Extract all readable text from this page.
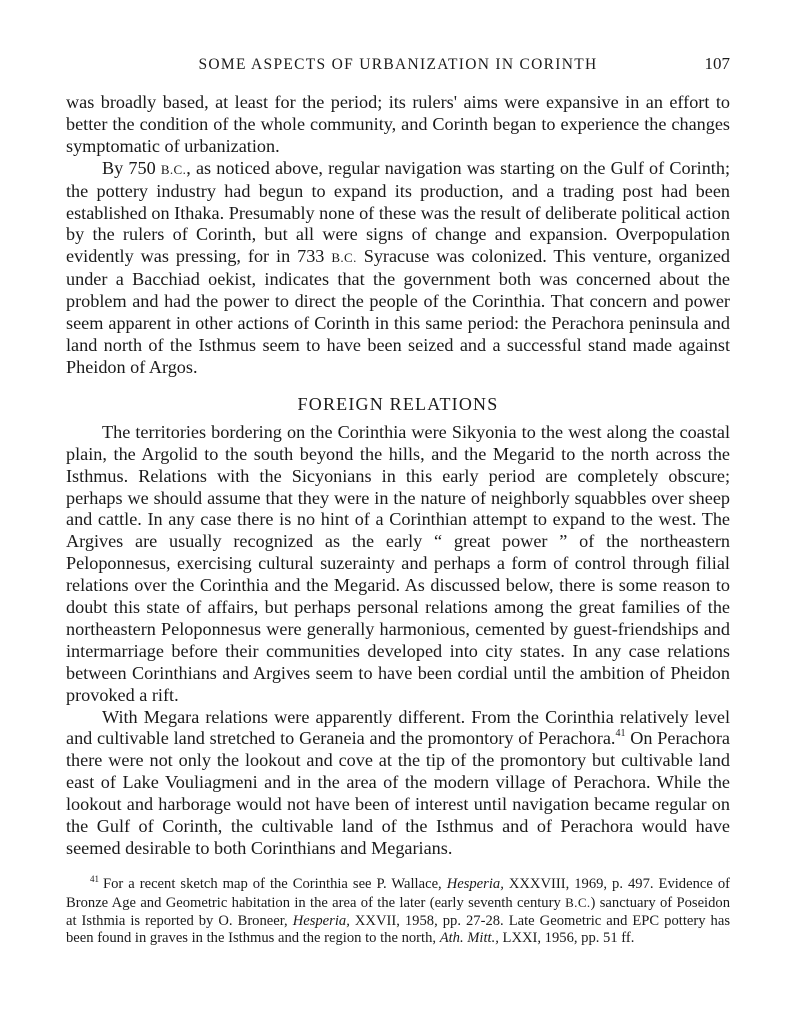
SOME ASPECTS OF URBANIZATION IN CORINTH	107

was broadly based, at least for the period; its rulers' aims were expansive in an effort to better the condition of the whole community, and Corinth began to experience the changes symptomatic of urbanization.

By 750 B.C., as noticed above, regular navigation was starting on the Gulf of Corinth; the pottery industry had begun to expand its production, and a trading post had been established on Ithaka. Presumably none of these was the result of deliberate political action by the rulers of Corinth, but all were signs of change and expansion. Overpopulation evidently was pressing, for in 733 B.C. Syracuse was colonized. This venture, organized under a Bacchiad oekist, indicates that the government both was concerned about the problem and had the power to direct the people of the Corinthia. That concern and power seem apparent in other actions of Corinth in this same period: the Perachora peninsula and land north of the Isthmus seem to have been seized and a successful stand made against Pheidon of Argos.

FOREIGN RELATIONS

The territories bordering on the Corinthia were Sikyonia to the west along the coastal plain, the Argolid to the south beyond the hills, and the Megarid to the north across the Isthmus. Relations with the Sicyonians in this early period are completely obscure; perhaps we should assume that they were in the nature of neighborly squabbles over sheep and cattle. In any case there is no hint of a Corinthian attempt to expand to the west. The Argives are usually recognized as the early “ great power ” of the northeastern Peloponnesus, exercising cultural suzerainty and perhaps a form of control through filial relations over the Corinthia and the Megarid. As discussed below, there is some reason to doubt this state of affairs, but perhaps personal relations among the great families of the northeastern Peloponnesus were generally harmonious, cemented by guest-friendships and intermarriage before their communities developed into city states. In any case relations between Corinthians and Argives seem to have been cordial until the ambition of Pheidon provoked a rift.

With Megara relations were apparently different. From the Corinthia relatively level and cultivable land stretched to Geraneia and the promontory of Perachora.$^{41}$ On Perachora there were not only the lookout and cove at the tip of the promontory but cultivable land east of Lake Vouliagmeni and in the area of the modern village of Perachora. While the lookout and harborage would not have been of interest until navigation became regular on the Gulf of Corinth, the cultivable land of the Isthmus and of Perachora would have seemed desirable to both Corinthians and Megarians.

$^{41}$ For a recent sketch map of the Corinthia see P. Wallace, Hesperia, XXXVIII, 1969, p. 497. Evidence of Bronze Age and Geometric habitation in the area of the later (early seventh century B.C.) sanctuary of Poseidon at Isthmia is reported by O. Broneer, Hesperia, XXVII, 1958, pp. 27-28. Late Geometric and EPC pottery has been found in graves in the Isthmus and the region to the north, Ath. Mitt., LXXI, 1956, pp. 51 ff.
